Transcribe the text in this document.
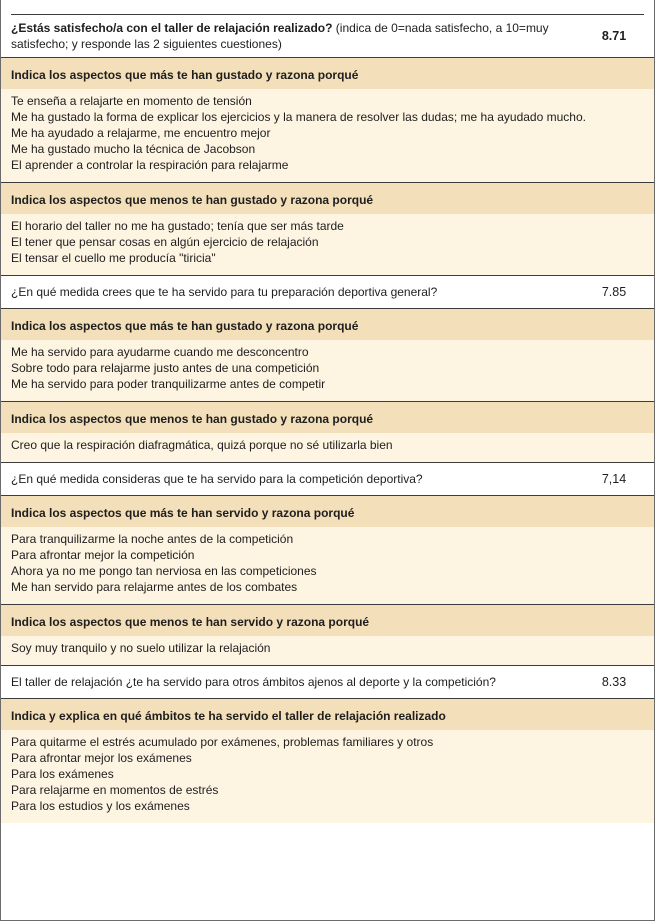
¿Estás satisfecho/a con el taller de relajación realizado? (indica de 0=nada satisfecho, a 10=muy satisfecho; y responde las 2 siguientes cuestiones)
8.71
Indica los aspectos que más te han gustado y razona porqué
Te enseña a relajarte en momento de tensión
Me ha gustado la forma de explicar los ejercicios y la manera de resolver las dudas; me ha ayudado mucho.
Me ha ayudado a relajarme, me encuentro mejor
Me ha gustado mucho la técnica de Jacobson
El aprender a controlar la respiración para relajarme
Indica los aspectos que menos te han gustado y razona porqué
El horario del taller no me ha gustado; tenía que ser más tarde
El tener que pensar cosas en algún ejercicio de relajación
El tensar el cuello me producía "tiricia"
¿En qué medida crees que te ha servido para tu preparación deportiva general?	7.85
Indica los aspectos que más te han gustado y razona porqué
Me ha servido para ayudarme cuando me desconcentro
Sobre todo para relajarme justo antes de una competición
Me ha servido para poder tranquilizarme antes de competir
Indica los aspectos que menos te han gustado y razona porqué
Creo que la respiración diafragmática, quizá porque no sé utilizarla bien
¿En qué medida consideras que te ha servido para la competición deportiva?	7,14
Indica los aspectos que más te han servido y razona porqué
Para tranquilizarme la noche antes de la competición
Para afrontar mejor la competición
Ahora ya no me pongo tan nerviosa en las competiciones
Me han servido para relajarme antes de los combates
Indica los aspectos que menos te han servido y razona porqué
Soy muy tranquilo y no suelo utilizar la relajación
El taller de relajación ¿te ha servido para otros ámbitos ajenos al deporte y la competición?	8.33
Indica y explica en qué ámbitos te ha servido el taller de relajación realizado
Para quitarme el estrés acumulado por exámenes, problemas familiares y otros
Para afrontar mejor los exámenes
Para los exámenes
Para relajarme en momentos de estrés
Para los estudios y los exámenes
